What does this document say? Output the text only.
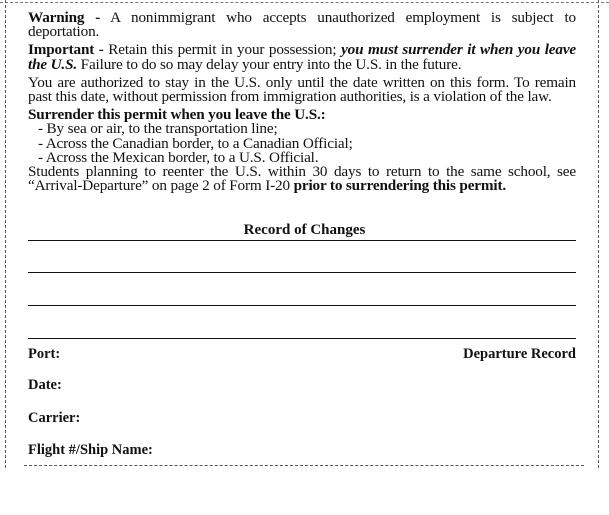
Warning - A nonimmigrant who accepts unauthorized employment is subject to deportation.

Important - Retain this permit in your possession; you must surrender it when you leave the U.S. Failure to do so may delay your entry into the U.S. in the future.

You are authorized to stay in the U.S. only until the date written on this form. To remain past this date, without permission from immigration authorities, is a violation of the law.

Surrender this permit when you leave the U.S.:
- By sea or air, to the transportation line;
- Across the Canadian border, to a Canadian Official;
- Across the Mexican border, to a U.S. Official.

Students planning to reenter the U.S. within 30 days to return to the same school, see “Arrival-Departure” on page 2 of Form I-20 prior to surrendering this permit.

Record of Changes
Port:	Departure Record
Date:
Carrier:
Flight #/Ship Name:
